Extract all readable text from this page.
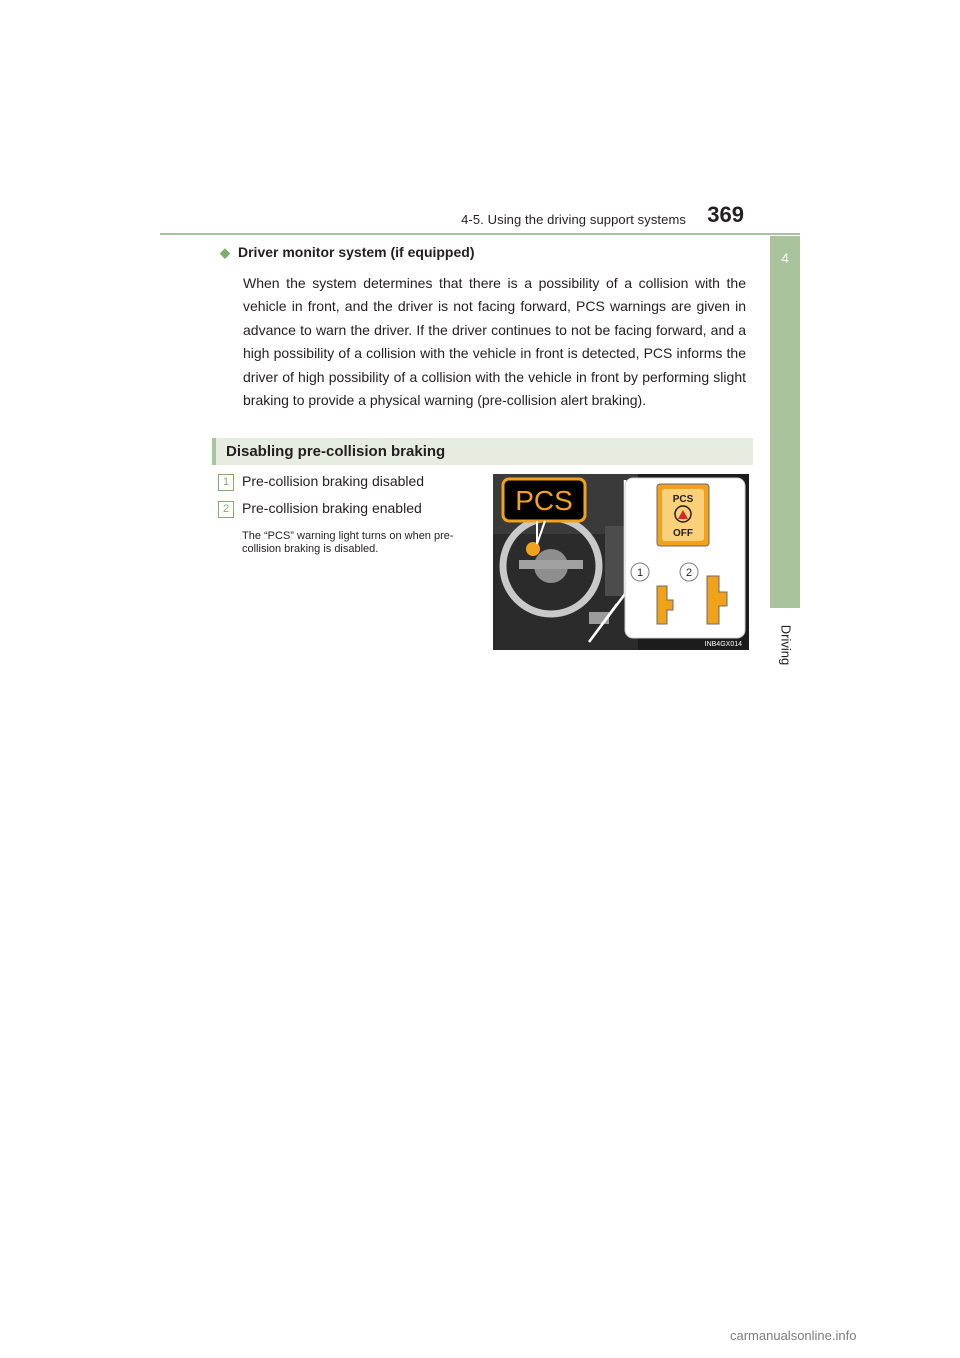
4-5. Using the driving support systems 369
4
Driving
◆ Driver monitor system (if equipped)
When the system determines that there is a possibility of a collision with the vehicle in front, and the driver is not facing forward, PCS warnings are given in advance to warn the driver. If the driver continues to not be facing forward, and a high possibility of a collision with the vehicle in front is detected, PCS informs the driver of high possibility of a collision with the vehicle in front by performing slight braking to provide a physical warning (pre-collision alert braking).
Disabling pre-collision braking
1 Pre-collision braking disabled
2 Pre-collision braking enabled
The “PCS” warning light turns on when pre-collision braking is disabled.
PCS	PCS
OFF
1	2
INB4GX014
carmanualsonline.info
